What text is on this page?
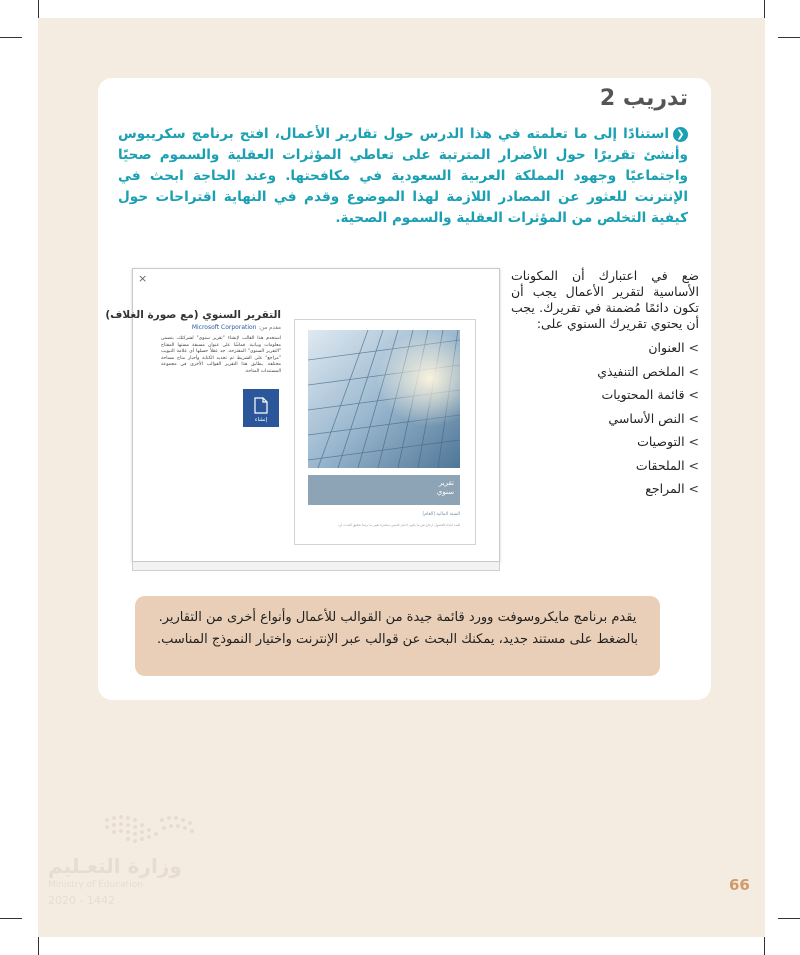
تدريب 2
❮استنادًا إلى ما تعلمته في هذا الدرس حول تقارير الأعمال، افتح برنامج سكريبوس وأنشئ تقريرًا حول الأضرار المترتبة على تعاطي المؤثرات العقلية والسموم صحيًا واجتماعيًا وجهود المملكة العربية السعودية في مكافحتها. وعند الحاجة ابحث في الإنترنت للعثور عن المصادر اللازمة لهذا الموضوع وقدم في النهاية اقتراحات حول كيفية التخلص من المؤثرات العقلية والسموم الصحية.
ضع في اعتبارك أن المكونات الأساسية لتقرير الأعمال يجب أن تكون دائمًا مُضمنة في تقريرك. يجب أن يحتوي تقريرك السنوي على:
> العنوان
> الملخص التنفيذي
> قائمة المحتويات
> النص الأساسي
> التوصيات
> الملحقات
> المراجع
×
التقرير السنوي (مع صورة الغلاف)
مقدم من: Microsoft Corporation
استخدم هذا القالب لإنشاء "تقرير سنوي" لشركتك، يتضمن معلومات وبيانية. قماشًا على عنوان مسبقة مستها المفتاح "التقرير السنوي" المقترحة. جد عقلاً حسلها أي علامة التبويب "مراجع" على الشريط ثم تحديد الكتابة وأحبار متاح مساحة مختلفة. يطابق هذا التقرير القوالب الأخرى في مجموعة المستندات المتاحة.
إنشاء
تقرير
سنوي
السنة المالية [العام]
للبدء ابتداء الحصول ارجاع نص ما يكون اختيار تلامس مباشرة تغيير ما تربط تحقيق الحدث لي.
يقدم برنامج مايكروسوفت وورد قائمة جيدة من القوالب للأعمال وأنواع أخرى من التقارير. بالضغط على مستند جديد، يمكنك البحث عن قوالب عبر الإنترنت واختيار النموذج المناسب.
وزارة التعـليم
Ministry of Education
2020 - 1442
66
